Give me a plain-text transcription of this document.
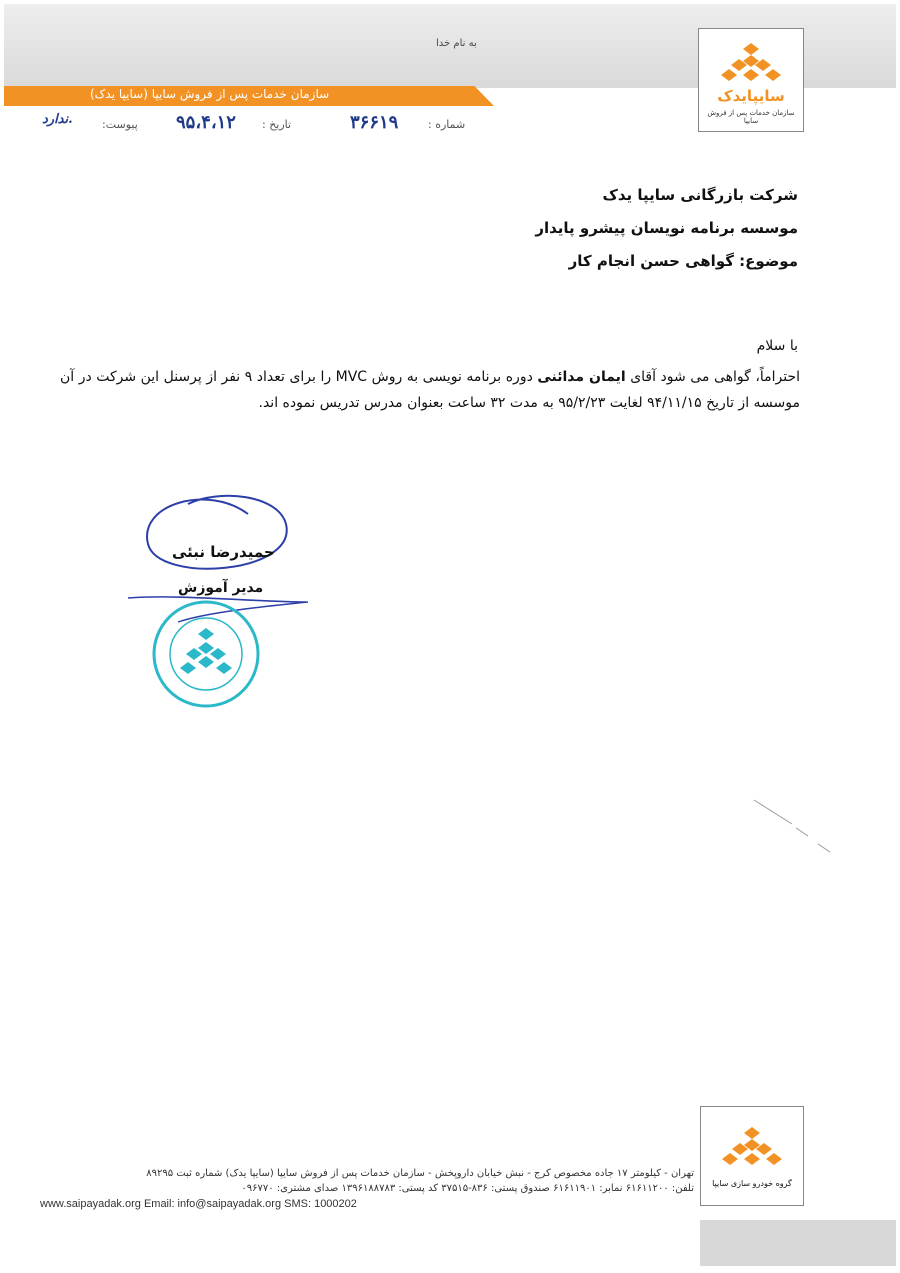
به نام خدا
سازمان خدمات پس از فروش سایپا (سایپا یدک)	سایپایدک
سازمان خدمات پس از فروش سایپا
شماره :
۳۶۶۱۹
تاریخ :
۹۵،۴،۱۲
پیوست:
ندارد.
شرکت بازرگانی سایپا یدک
موسسه برنامه نویسان پیشرو پایدار
موضوع: گواهی حسن انجام کار
با سلام
احتراماً، گواهی می شود آقای ایمان مدائنی دوره برنامه نویسی به روش MVC را برای تعداد ۹ نفر از پرسنل این شرکت در آن موسسه از تاریخ ۹۴/۱۱/۱۵ لغایت ۹۵/۲/۲۳ به مدت ۳۲ ساعت بعنوان مدرس تدریس نموده اند.
حمیدرضا نبئی
مدیر آموزش
گروه خودرو سازی سایپا
تهران - کیلومتر ۱۷ جاده مخصوص کرج - نبش خیابان داروپخش - سازمان خدمات پس از فروش سایپا (سایپا یدک) شماره ثبت ۸۹۲۹۵
تلفن: ۶۱۶۱۱۲۰۰ نمابر: ۶۱۶۱۱۹۰۱ صندوق پستی: ۸۳۶-۳۷۵۱۵ کد پستی: ۱۳۹۶۱۸۸۷۸۳ صدای مشتری: ۰۹۶۷۷۰
www.saipayadak.org Email: info@saipayadak.org SMS: 1000202
